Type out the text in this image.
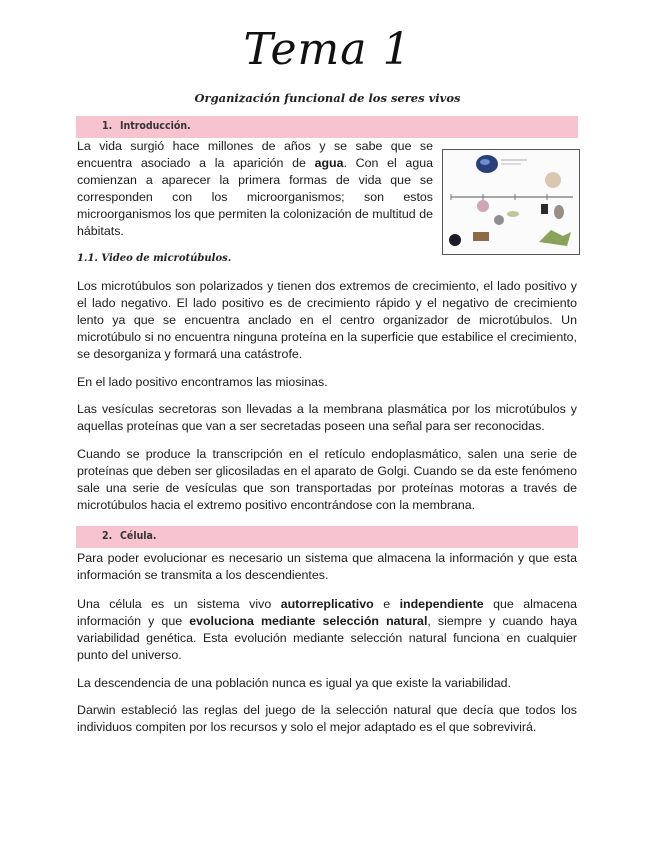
Tema 1
Organización funcional de los seres vivos
1. Introducción.

La vida surgió hace millones de años y se sabe que se encuentra asociado a la aparición de agua. Con el agua comienzan a aparecer la primera formas de vida que se corresponden con los microorganismos; son estos microorganismos los que permiten la colonización de multitud de hábitats.

1.1. Video de microtúbulos.

Los microtúbulos son polarizados y tienen dos extremos de crecimiento, el lado positivo y el lado negativo. El lado positivo es de crecimiento rápido y el negativo de crecimiento lento ya que se encuentra anclado en el centro organizador de microtúbulos. Un microtúbulo si no encuentra ninguna proteína en la superficie que estabilice el crecimiento, se desorganiza y formará una catástrofe.

En el lado positivo encontramos las miosinas.

Las vesículas secretoras son llevadas a la membrana plasmática por los microtúbulos y aquellas proteínas que van a ser secretadas poseen una señal para ser reconocidas.

Cuando se produce la transcripción en el retículo endoplasmático, salen una serie de proteínas que deben ser glicosiladas en el aparato de Golgi. Cuando se da este fenómeno sale una serie de vesículas que son transportadas por proteínas motoras a través de microtúbulos hacia el extremo positivo encontrándose con la membrana.

2. Célula.

Para poder evolucionar es necesario un sistema que almacena la información y que esta información se transmita a los descendientes.

Una célula es un sistema vivo autorreplicativo e independiente que almacena información y que evoluciona mediante selección natural, siempre y cuando haya variabilidad genética. Esta evolución mediante selección natural funciona en cualquier punto del universo.

La descendencia de una población nunca es igual ya que existe la variabilidad.

Darwin estableció las reglas del juego de la selección natural que decía que todos los individuos compiten por los recursos y solo el mejor adaptado es el que sobrevivirá.
